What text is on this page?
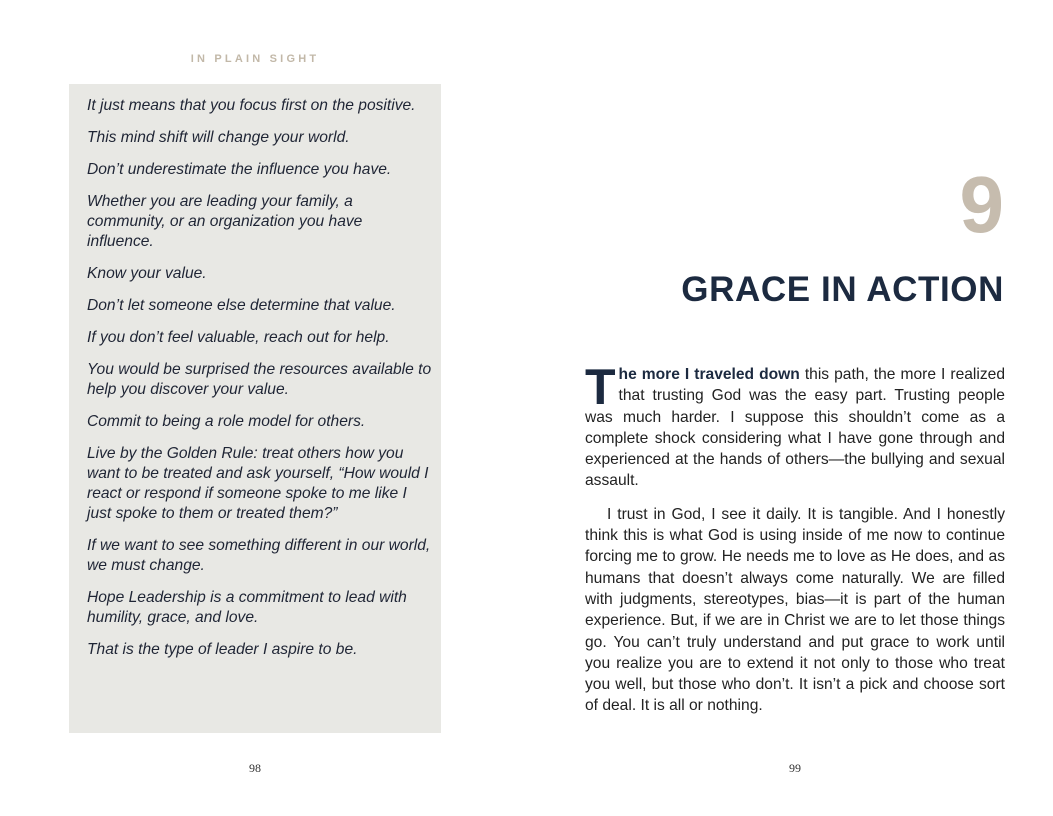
IN PLAIN SIGHT

It just means that you focus first on the positive.

This mind shift will change your world.

Don’t underestimate the influence you have.

Whether you are leading your family, a community, or an organization you have influence.

Know your value.

Don’t let someone else determine that value.

If you don’t feel valuable, reach out for help.

You would be surprised the resources available to help you discover your value.

Commit to being a role model for others.

Live by the Golden Rule: treat others how you want to be treated and ask yourself, “How would I react or respond if someone spoke to me like I just spoke to them or treated them?”

If we want to see something different in our world, we must change.

Hope Leadership is a commitment to lead with humility, grace, and love.

That is the type of leader I aspire to be.

98
9
GRACE IN ACTION

The more I traveled down this path, the more I realized that trusting God was the easy part. Trusting people was much harder. I suppose this shouldn’t come as a complete shock considering what I have gone through and experienced at the hands of others—the bullying and sexual assault.

I trust in God, I see it daily. It is tangible. And I honestly think this is what God is using inside of me now to continue forcing me to grow. He needs me to love as He does, and as humans that doesn’t always come naturally. We are filled with judgments, stereotypes, bias—it is part of the human experience. But, if we are in Christ we are to let those things go. You can’t truly understand and put grace to work until you realize you are to extend it not only to those who treat you well, but those who don’t. It isn’t a pick and choose sort of deal. It is all or nothing.

99
